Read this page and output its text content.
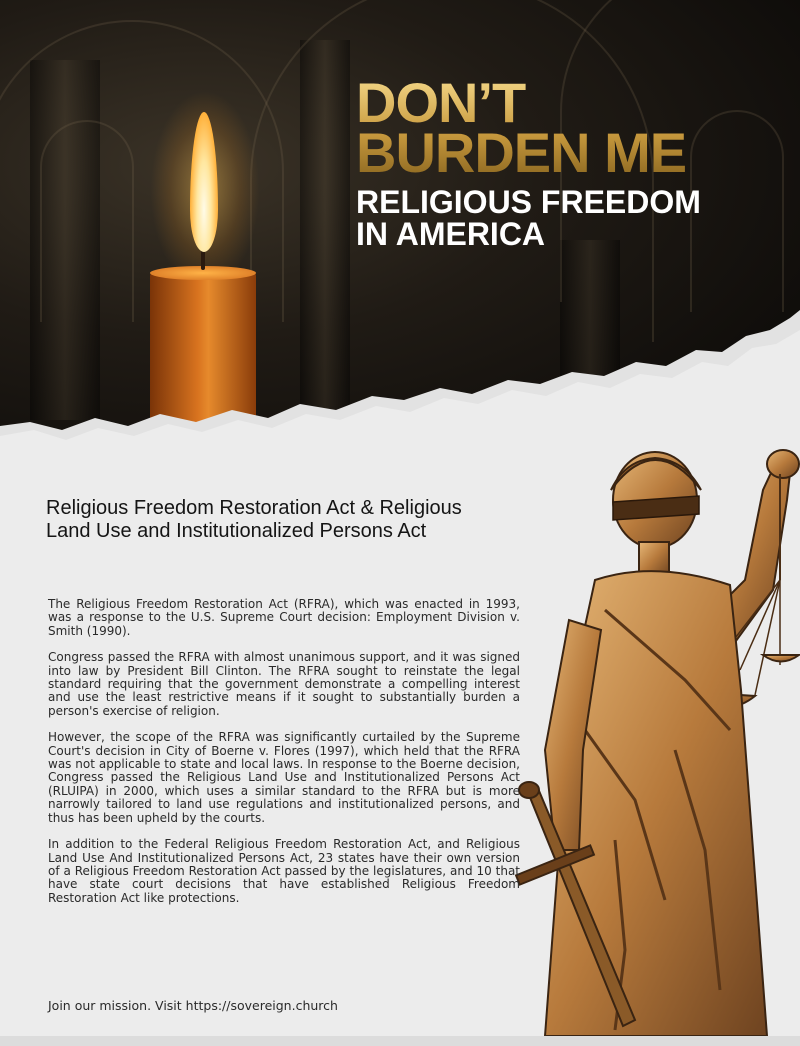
DON’T
BURDEN ME
RELIGIOUS FREEDOM
IN AMERICA
Religious Freedom Restoration Act & Religious Land Use and Institutionalized Persons Act

The Religious Freedom Restoration Act (RFRA), which was enacted in 1993, was a response to the U.S. Supreme Court decision: Employment Division v. Smith (1990).

Congress passed the RFRA with almost unanimous support, and it was signed into law by President Bill Clinton. The RFRA sought to reinstate the legal standard requiring that the government demonstrate a compelling interest and use the least restrictive means if it sought to substantially burden a person's exercise of religion.

However, the scope of the RFRA was significantly curtailed by the Supreme Court's decision in City of Boerne v. Flores (1997), which held that the RFRA was not applicable to state and local laws. In response to the Boerne decision, Congress passed the Religious Land Use and Institutionalized Persons Act (RLUIPA) in 2000, which uses a similar standard to the RFRA but is more narrowly tailored to land use regulations and institutionalized persons, and thus has been upheld by the courts.

In addition to the Federal Religious Freedom Restoration Act, and Religious Land Use And Institutionalized Persons Act, 23 states have their own version of a Religious Freedom Restoration Act passed by the legislatures, and 10 that have state court decisions that have established Religious Freedom Restoration Act like protections.

Join our mission. Visit https://sovereign.church
